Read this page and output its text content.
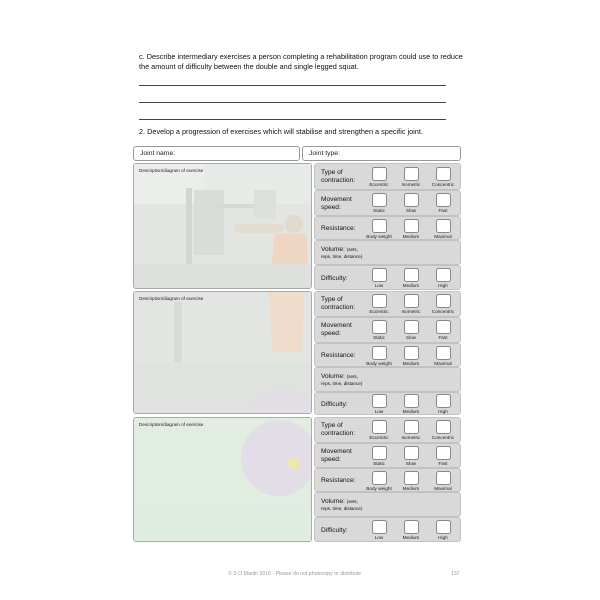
c. Describe intermediary exercises a person completing a rehabilitation program could use to reduce
the amount of difficulty between the double and single legged squat.
2. Develop a progression of exercises which will stabilise and strengthen a specific joint.
Joint name:	Joint type:
Description/diagram of exercise
Description/diagram of exercise
Description/diagram of exercise
Type of
contraction:
Eccentric	Isometric	Concentric
Movement
speed:	Static	Slow	Fast
Resistance:
Body weight	Medium	Maximal
Volume: (sets,
reps, time, distance)
Difficulty:
Low	Medium	High
Type of
contraction:
Eccentric	Isometric	Concentric
Movement
speed:
Static	Slow	Fast
Resistance:
Body weight	Medium	Maximal
Volume: (sets,
reps, time, distance)
Difficulty:
Low	Medium	High
Type of
contraction:
Eccentric	Isometric	Concentric
Movement
speed:
Static	Slow	Fast
Resistance:
Body weight	Medium	Maximal
Volume: (sets,
reps, time, distance)
Difficulty:
Low	Medium	High
© S O Martin 2016 - Please do not photocopy or distribute	137
